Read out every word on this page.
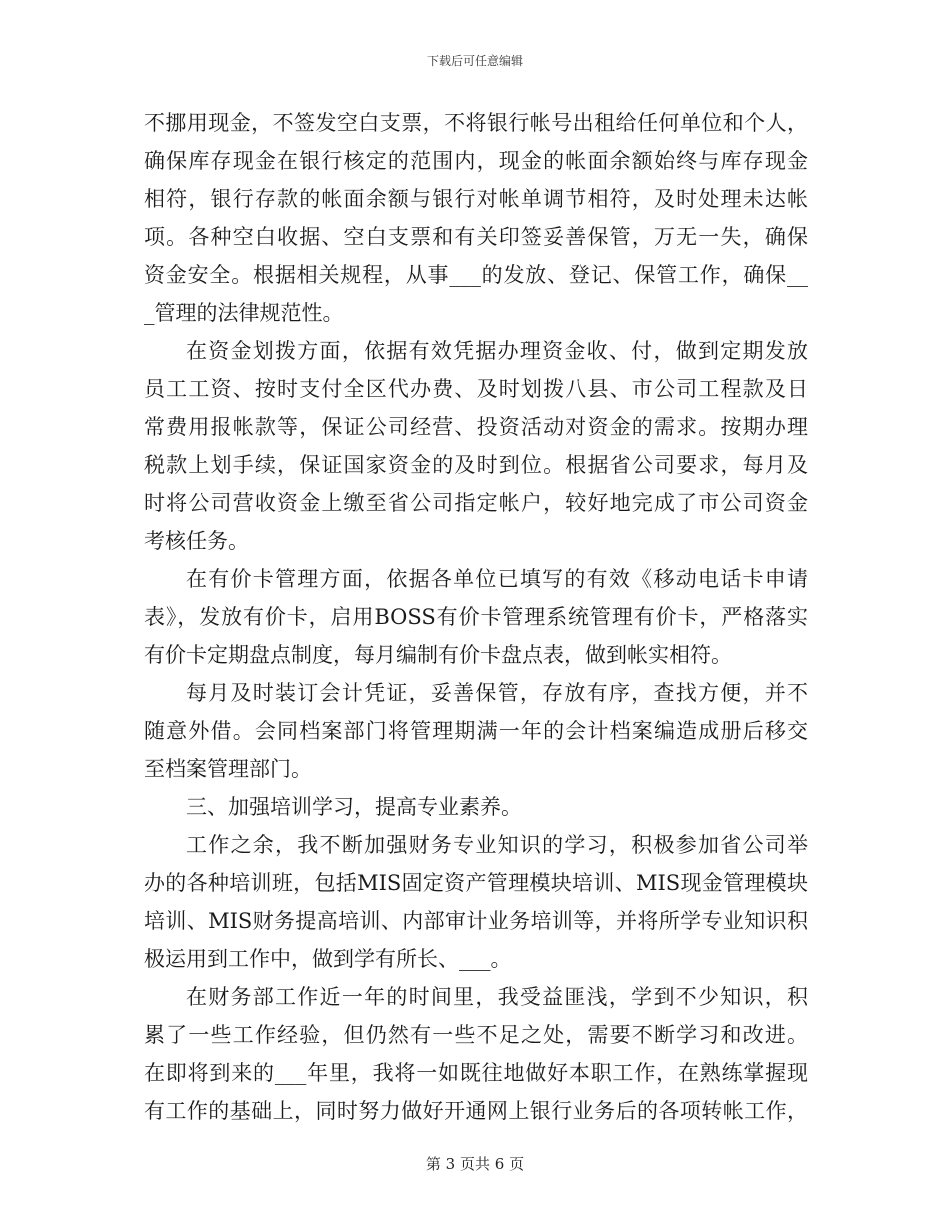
下载后可任意编辑
不挪用现金，不签发空白支票，不将银行帐号出租给任何单位和个人，
确保库存现金在银行核定的范围内，现金的帐面余额始终与库存现金
相符，银行存款的帐面余额与银行对帐单调节相符，及时处理未达帐
项。各种空白收据、空白支票和有关印签妥善保管，万无一失，确保
资金安全。根据相关规程，从事___的发放、登记、保管工作，确保__
_管理的法律规范性。
在资金划拨方面，依据有效凭据办理资金收、付，做到定期发放
员工工资、按时支付全区代办费、及时划拨八县、市公司工程款及日
常费用报帐款等，保证公司经营、投资活动对资金的需求。按期办理
税款上划手续，保证国家资金的及时到位。根据省公司要求，每月及
时将公司营收资金上缴至省公司指定帐户，较好地完成了市公司资金
考核任务。
在有价卡管理方面，依据各单位已填写的有效《移动电话卡申请
表》，发放有价卡，启用BOSS有价卡管理系统管理有价卡，严格落实
有价卡定期盘点制度，每月编制有价卡盘点表，做到帐实相符。
每月及时装订会计凭证，妥善保管，存放有序，查找方便，并不
随意外借。会同档案部门将管理期满一年的会计档案编造成册后移交
至档案管理部门。
三、加强培训学习，提高专业素养。
工作之余，我不断加强财务专业知识的学习，积极参加省公司举
办的各种培训班，包括MIS固定资产管理模块培训、MIS现金管理模块
培训、MIS财务提高培训、内部审计业务培训等，并将所学专业知识积
极运用到工作中，做到学有所长、___。
在财务部工作近一年的时间里，我受益匪浅，学到不少知识，积
累了一些工作经验，但仍然有一些不足之处，需要不断学习和改进。
在即将到来的___年里，我将一如既往地做好本职工作，在熟练掌握现
有工作的基础上，同时努力做好开通网上银行业务后的各项转帐工作，
第 3 页共 6 页
